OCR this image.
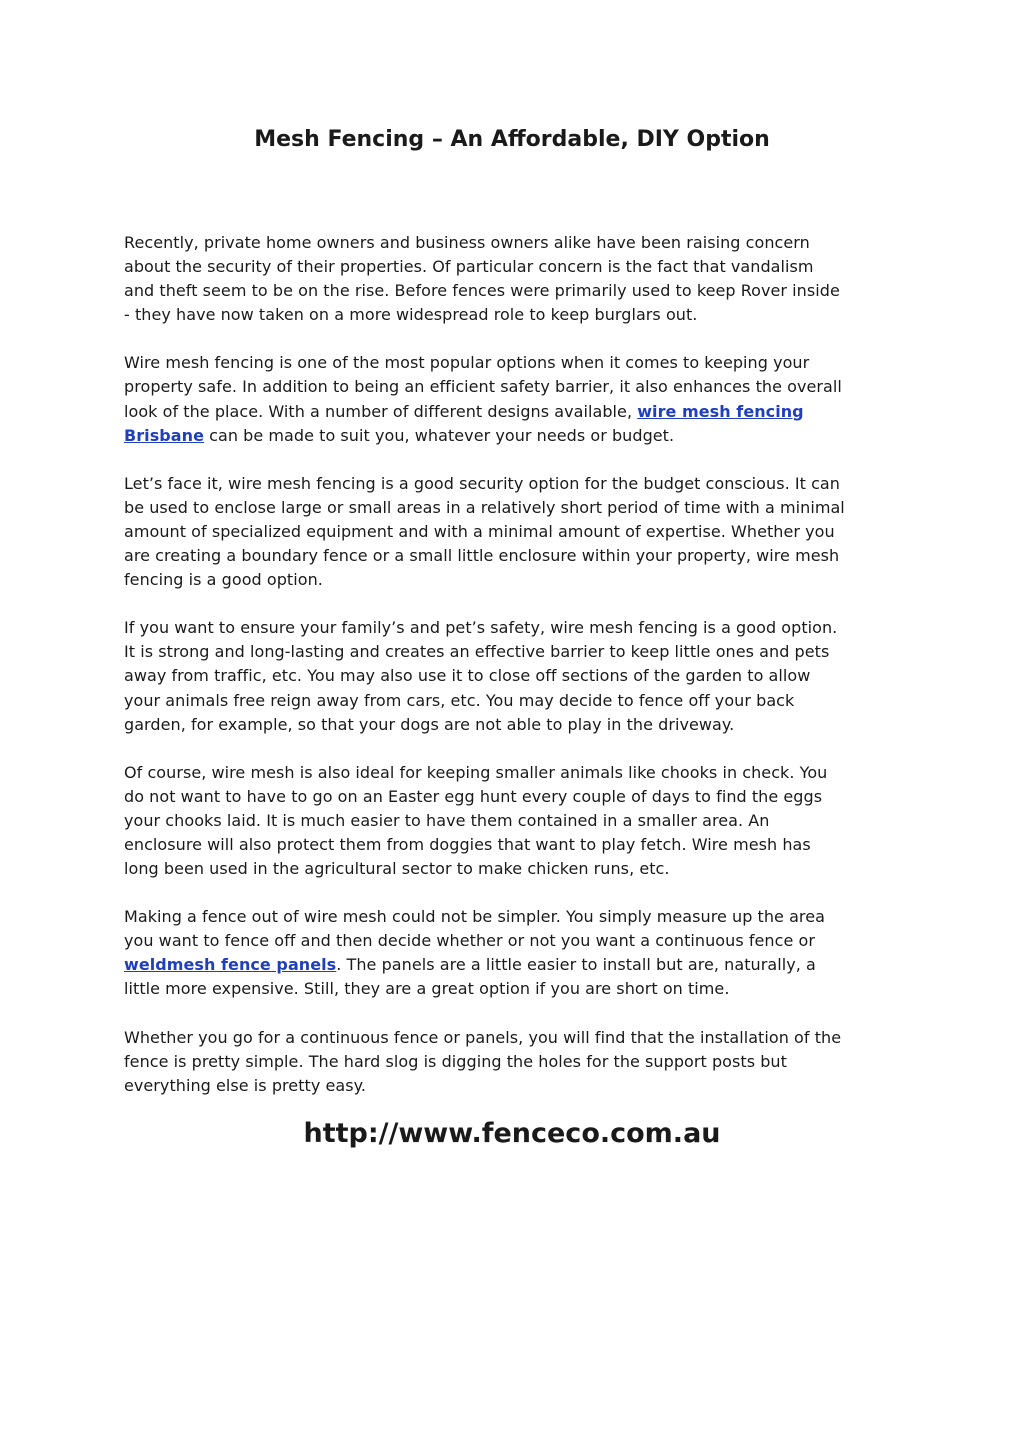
Mesh Fencing – An Affordable, DIY Option

Recently, private home owners and business owners alike have been raising concern
about the security of their properties. Of particular concern is the fact that vandalism
and theft seem to be on the rise. Before fences were primarily used to keep Rover inside
- they have now taken on a more widespread role to keep burglars out.

Wire mesh fencing is one of the most popular options when it comes to keeping your
property safe. In addition to being an efficient safety barrier, it also enhances the overall
look of the place. With a number of different designs available, wire mesh fencing
Brisbane can be made to suit you, whatever your needs or budget.

Let’s face it, wire mesh fencing is a good security option for the budget conscious. It can
be used to enclose large or small areas in a relatively short period of time with a minimal
amount of specialized equipment and with a minimal amount of expertise. Whether you
are creating a boundary fence or a small little enclosure within your property, wire mesh
fencing is a good option.

If you want to ensure your family’s and pet’s safety, wire mesh fencing is a good option.
It is strong and long-lasting and creates an effective barrier to keep little ones and pets
away from traffic, etc. You may also use it to close off sections of the garden to allow
your animals free reign away from cars, etc. You may decide to fence off your back
garden, for example, so that your dogs are not able to play in the driveway.

Of course, wire mesh is also ideal for keeping smaller animals like chooks in check. You
do not want to have to go on an Easter egg hunt every couple of days to find the eggs
your chooks laid. It is much easier to have them contained in a smaller area. An
enclosure will also protect them from doggies that want to play fetch. Wire mesh has
long been used in the agricultural sector to make chicken runs, etc.

Making a fence out of wire mesh could not be simpler. You simply measure up the area
you want to fence off and then decide whether or not you want a continuous fence or
weldmesh fence panels. The panels are a little easier to install but are, naturally, a
little more expensive. Still, they are a great option if you are short on time.

Whether you go for a continuous fence or panels, you will find that the installation of the
fence is pretty simple. The hard slog is digging the holes for the support posts but
everything else is pretty easy.

http://www.fenceco.com.au
